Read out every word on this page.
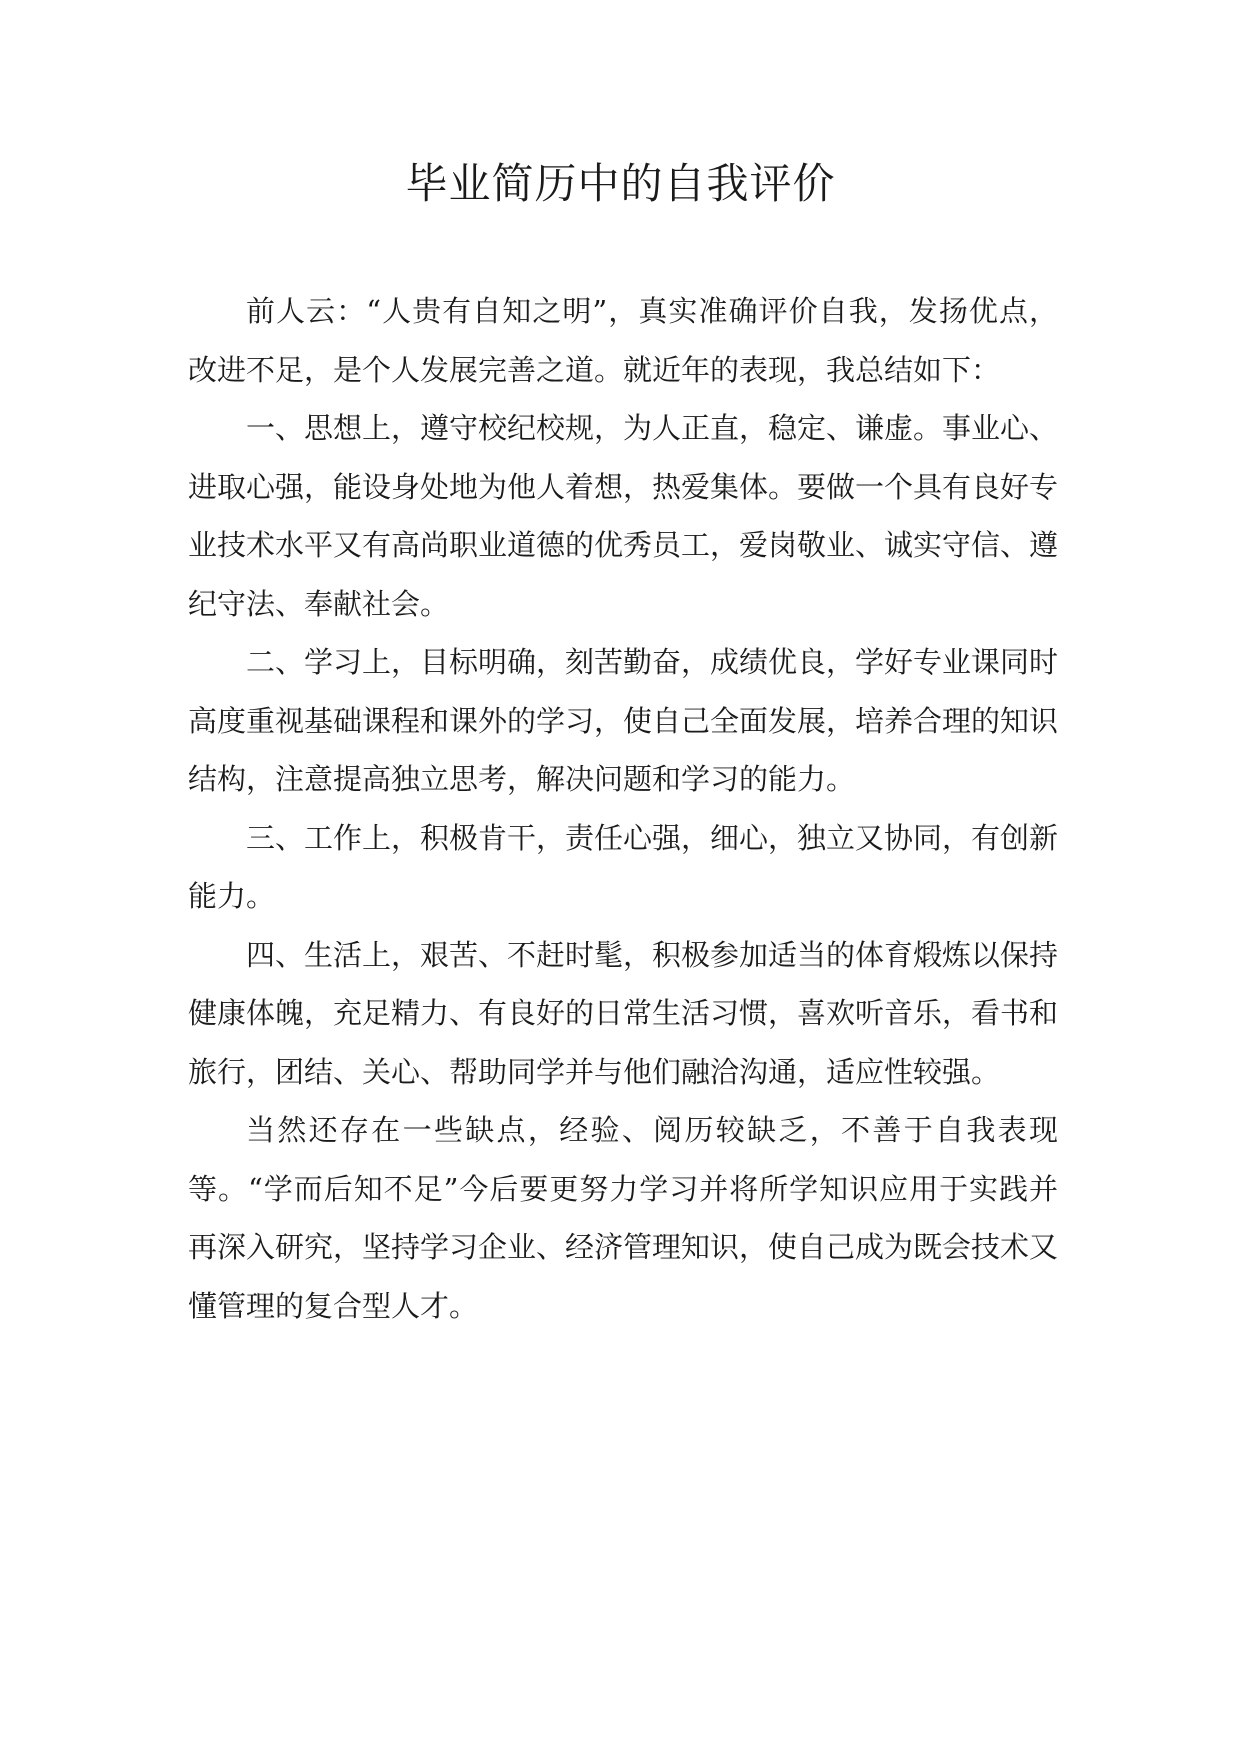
毕业简历中的自我评价

前人云：“人贵有自知之明”，真实准确评价自我，发扬优点，改进不足，是个人发展完善之道。就近年的表现，我总结如下：

一、思想上，遵守校纪校规，为人正直，稳定、谦虚。事业心、进取心强，能设身处地为他人着想，热爱集体。要做一个具有良好专业技术水平又有高尚职业道德的优秀员工，爱岗敬业、诚实守信、遵纪守法、奉献社会。

二、学习上，目标明确，刻苦勤奋，成绩优良，学好专业课同时高度重视基础课程和课外的学习，使自己全面发展，培养合理的知识结构，注意提高独立思考，解决问题和学习的能力。

三、工作上，积极肯干，责任心强，细心，独立又协同，有创新能力。

四、生活上，艰苦、不赶时髦，积极参加适当的体育煅炼以保持健康体魄，充足精力、有良好的日常生活习惯，喜欢听音乐，看书和旅行，团结、关心、帮助同学并与他们融洽沟通，适应性较强。

当然还存在一些缺点，经验、阅历较缺乏，不善于自我表现等。“学而后知不足”今后要更努力学习并将所学知识应用于实践并再深入研究，坚持学习企业、经济管理知识，使自己成为既会技术又懂管理的复合型人才。
